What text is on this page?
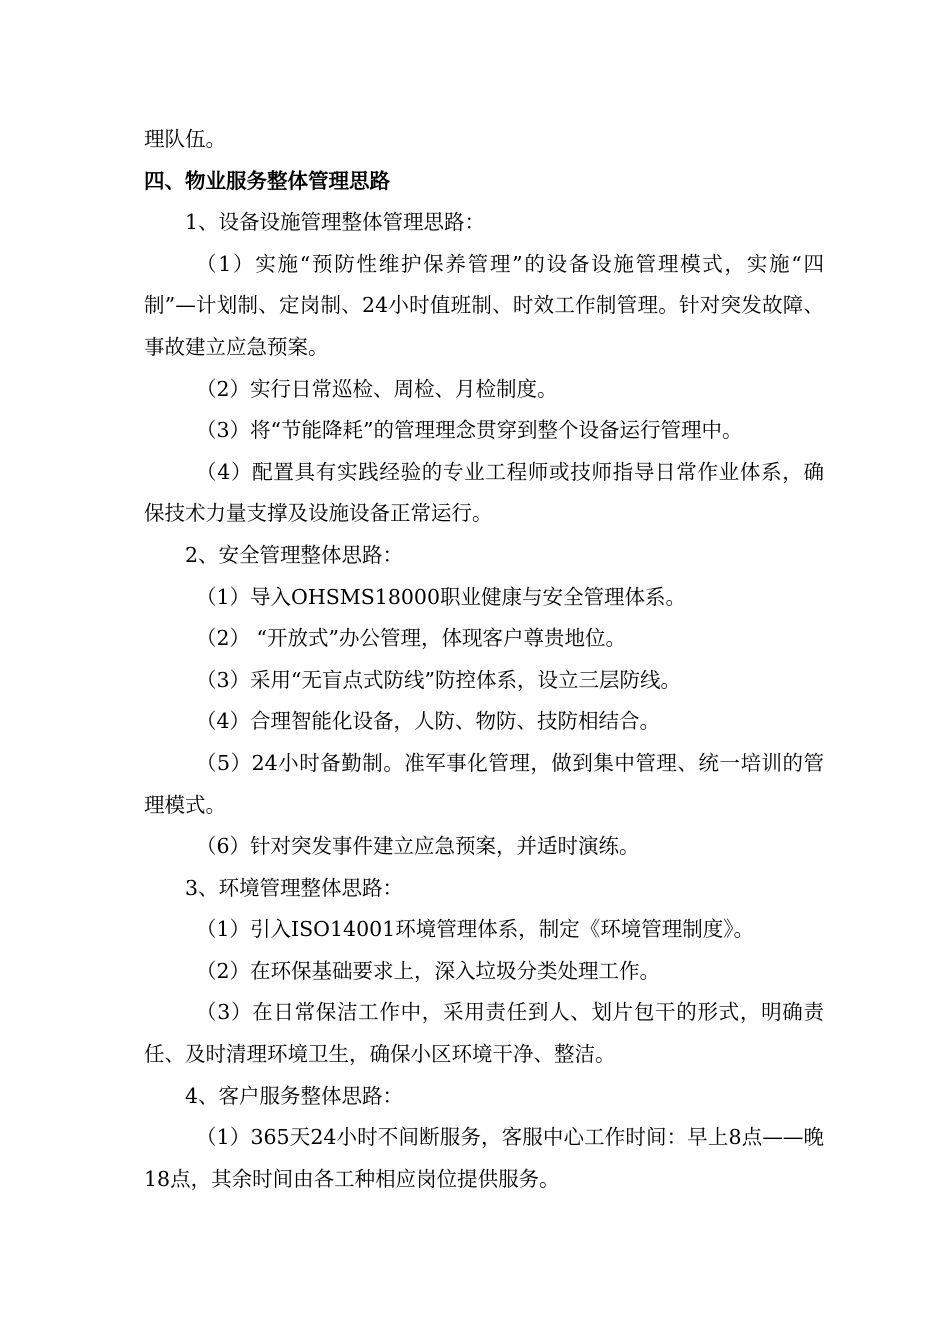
理队伍。

四、物业服务整体管理思路

1、设备设施管理整体管理思路：

（1）实施“预防性维护保养管理”的设备设施管理模式，实施“四制”—计划制、定岗制、24小时值班制、时效工作制管理。针对突发故障、事故建立应急预案。

（2）实行日常巡检、周检、月检制度。

（3）将“节能降耗”的管理理念贯穿到整个设备运行管理中。

（4）配置具有实践经验的专业工程师或技师指导日常作业体系，确保技术力量支撑及设施设备正常运行。

2、安全管理整体思路：

（1）导入OHSMS18000职业健康与安全管理体系。

（2） “开放式”办公管理，体现客户尊贵地位。

（3）采用“无盲点式防线”防控体系，设立三层防线。

（4）合理智能化设备，人防、物防、技防相结合。

（5）24小时备勤制。准军事化管理，做到集中管理、统一培训的管理模式。

（6）针对突发事件建立应急预案，并适时演练。

3、环境管理整体思路：

（1）引入ISO14001环境管理体系，制定《环境管理制度》。

（2）在环保基础要求上，深入垃圾分类处理工作。

（3）在日常保洁工作中，采用责任到人、划片包干的形式，明确责任、及时清理环境卫生，确保小区环境干净、整洁。

4、客户服务整体思路：

（1）365天24小时不间断服务，客服中心工作时间：早上8点——晚18点，其余时间由各工种相应岗位提供服务。
